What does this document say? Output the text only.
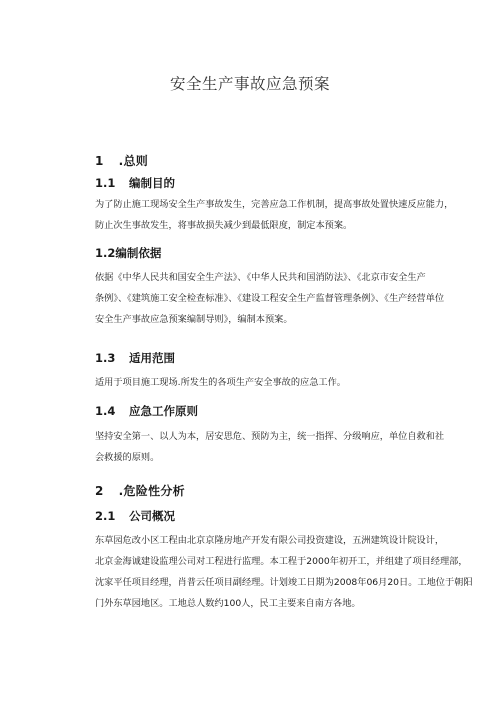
安全生产事故应急预案
1 .总则
1.1 编制目的
为了防止施工现场安全生产事故发生，完善应急工作机制，提高事故处置快速反应能力，
防止次生事故发生，将事故损失减少到最低限度，制定本预案。
1.2编制依据
依据《中华人民共和国安全生产法》、《中华人民共和国消防法》、《北京市安全生产
条例》、《建筑施工安全检查标准》、《建设工程安全生产监督管理条例》、《生产经营单位
安全生产事故应急预案编制导则》，编制本预案。
1.3 适用范围
适用于项目施工现场.所发生的各项生产安全事故的应急工作。
1.4 应急工作原则
坚持安全第一、以人为本，居安思危、预防为主，统一指挥、分级响应，单位自救和社
会救援的原则。
2 .危险性分析
2.1 公司概况
东草园危改小区工程由北京京隆房地产开发有限公司投资建设，五洲建筑设计院设计，
北京金海诚建设监理公司对工程进行监理。本工程于2000年初开工，并组建了项目经理部，
沈家平任项目经理，肖普云任项目副经理。计划竣工日期为2008年06月20日。工地位于朝阳
门外东草园地区。工地总人数约100人，民工主要来自南方各地。
